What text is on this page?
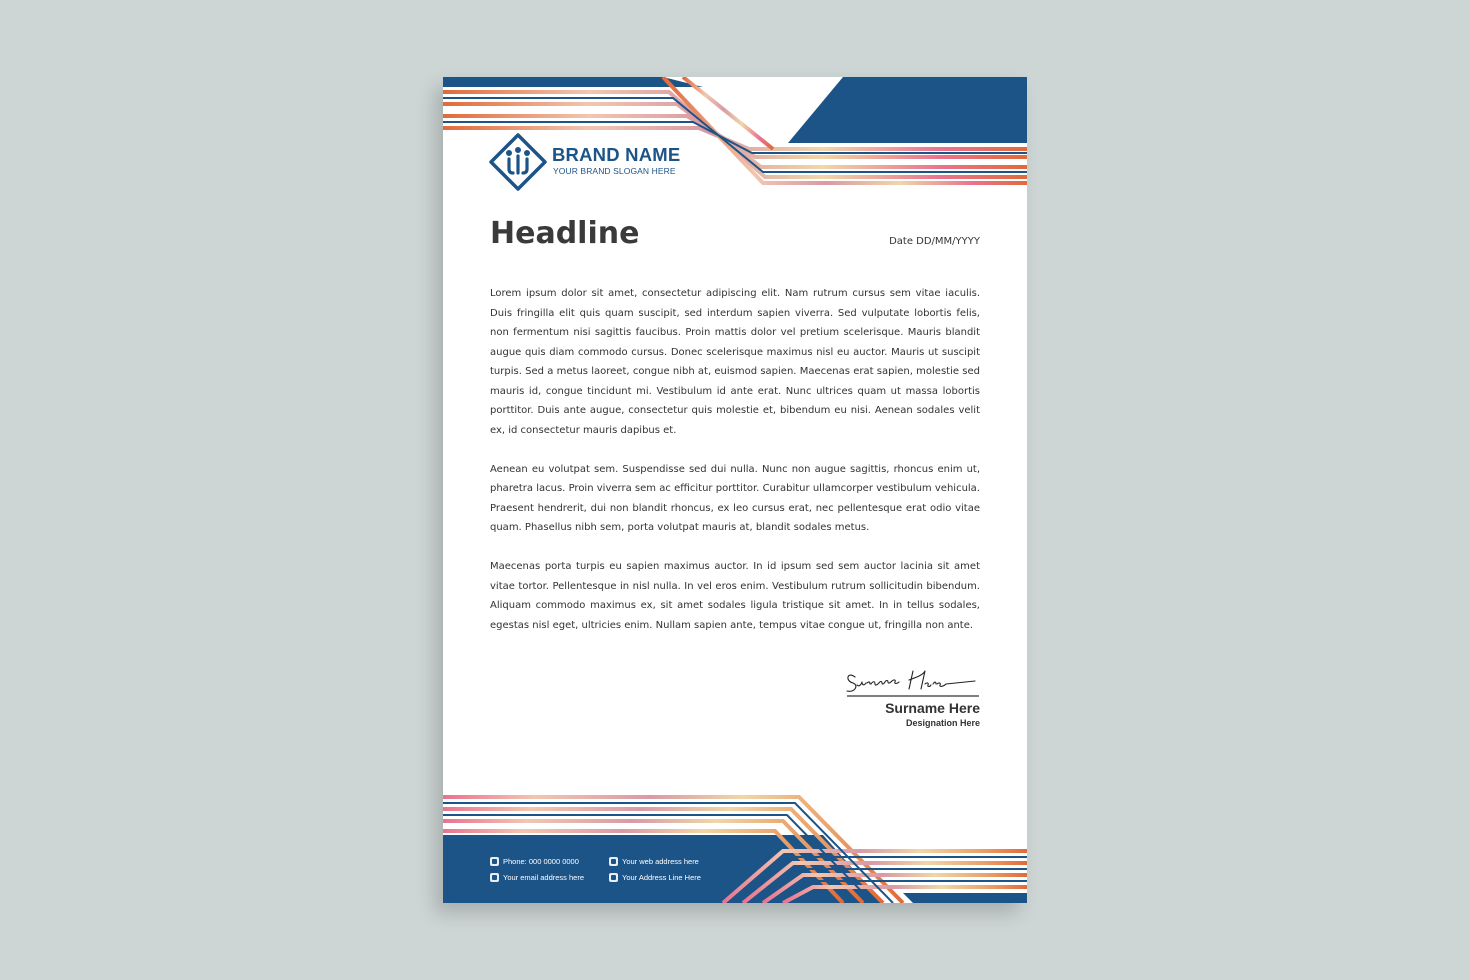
BRAND NAME
YOUR BRAND SLOGAN HERE
Headline	Date DD/MM/YYYY

Lorem ipsum dolor sit amet, consectetur adipiscing elit. Nam rutrum cursus sem vitae iaculis. Duis fringilla elit quis quam suscipit, sed interdum sapien viverra. Sed vulputate lobortis felis, non fermentum nisi sagittis faucibus. Proin mattis dolor vel pretium scelerisque. Mauris blandit augue quis diam commodo cursus. Donec scelerisque maximus nisl eu auctor. Mauris ut suscipit turpis. Sed a metus laoreet, congue nibh at, euismod sapien. Maecenas erat sapien, molestie sed mauris id, congue tincidunt mi. Vestibulum id ante erat. Nunc ultrices quam ut massa lobortis porttitor. Duis ante augue, consectetur quis molestie et, bibendum eu nisi. Aenean sodales velit ex, id consectetur mauris dapibus et.

Aenean eu volutpat sem. Suspendisse sed dui nulla. Nunc non augue sagittis, rhoncus enim ut, pharetra lacus. Proin viverra sem ac efficitur porttitor. Curabitur ullamcorper vestibulum vehicula. Praesent hendrerit, dui non blandit rhoncus, ex leo cursus erat, nec pellentesque erat odio vitae quam. Phasellus nibh sem, porta volutpat mauris at, blandit sodales metus.

Maecenas porta turpis eu sapien maximus auctor. In id ipsum sed sem auctor lacinia sit amet vitae tortor. Pellentesque in nisl nulla. In vel eros enim. Vestibulum rutrum sollicitudin bibendum. Aliquam commodo maximus ex, sit amet sodales ligula tristique sit amet. In in tellus sodales, egestas nisl eget, ultricies enim. Nullam sapien ante, tempus vitae congue ut, fringilla non ante.

Surname Here
Designation Here
Phone: 000 0000 0000
Your email address here
Your web address here
Your Address Line Here
